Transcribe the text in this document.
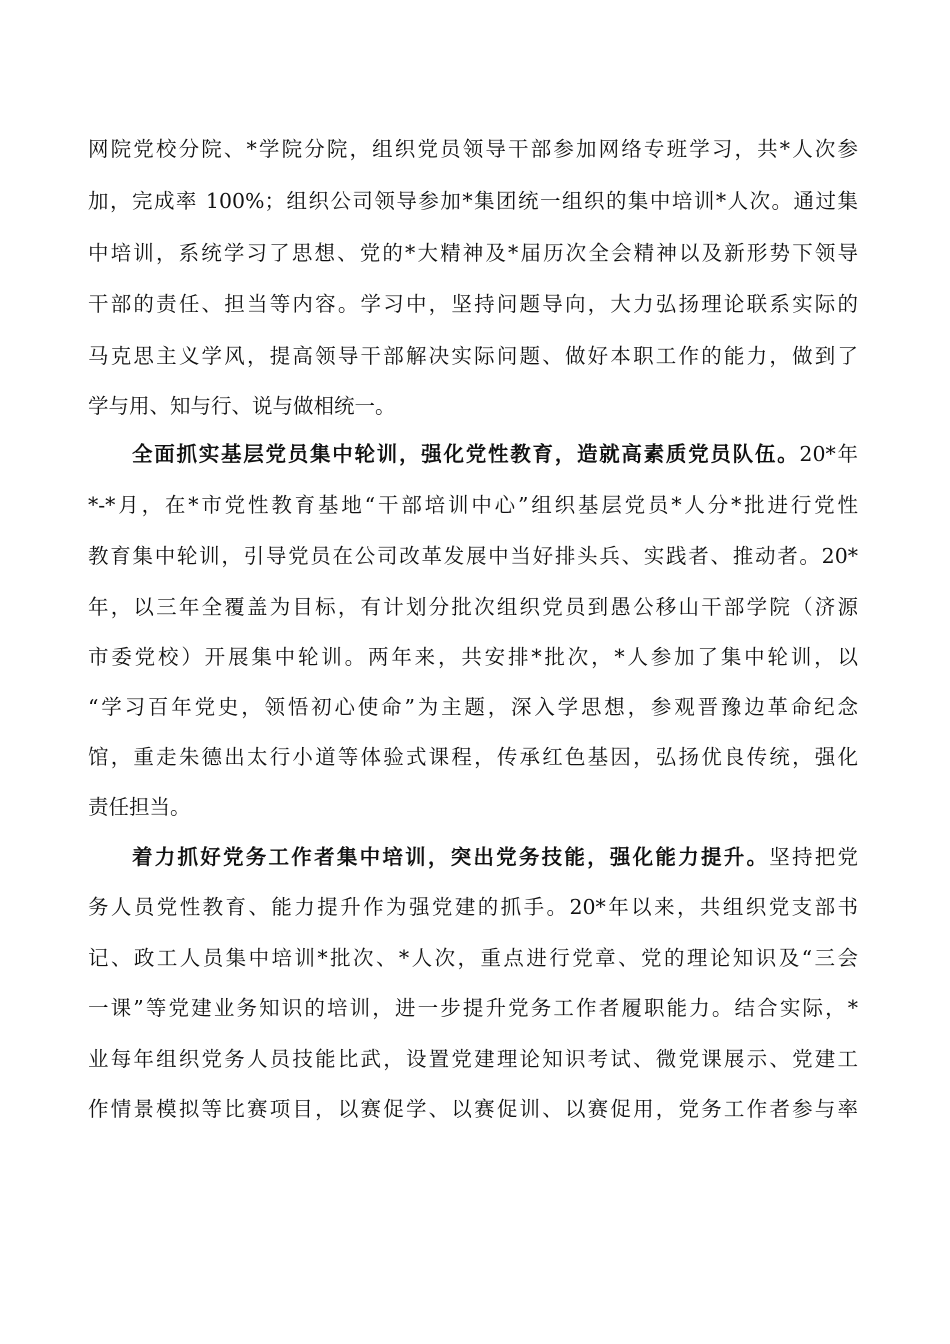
网院党校分院、*学院分院，组织党员领导干部参加网络专班学习，共*人次参
加，完成率 100%；组织公司领导参加*集团统一组织的集中培训*人次。通过集
中培训，系统学习了思想、党的*大精神及*届历次全会精神以及新形势下领导
干部的责任、担当等内容。学习中，坚持问题导向，大力弘扬理论联系实际的
马克思主义学风，提高领导干部解决实际问题、做好本职工作的能力，做到了
学与用、知与行、说与做相统一。
全面抓实基层党员集中轮训，强化党性教育，造就高素质党员队伍。20*年
*-*月，在*市党性教育基地“干部培训中心”组织基层党员*人分*批进行党性
教育集中轮训，引导党员在公司改革发展中当好排头兵、实践者、推动者。20*
年，以三年全覆盖为目标，有计划分批次组织党员到愚公移山干部学院（济源
市委党校）开展集中轮训。两年来，共安排*批次，*人参加了集中轮训，以
“学习百年党史，领悟初心使命”为主题，深入学思想，参观晋豫边革命纪念
馆，重走朱德出太行小道等体验式课程，传承红色基因，弘扬优良传统，强化
责任担当。
着力抓好党务工作者集中培训，突出党务技能，强化能力提升。坚持把党
务人员党性教育、能力提升作为强党建的抓手。20*年以来，共组织党支部书
记、政工人员集中培训*批次、*人次，重点进行党章、党的理论知识及“三会
一课”等党建业务知识的培训，进一步提升党务工作者履职能力。结合实际，*
业每年组织党务人员技能比武，设置党建理论知识考试、微党课展示、党建工
作情景模拟等比赛项目，以赛促学、以赛促训、以赛促用，党务工作者参与率
